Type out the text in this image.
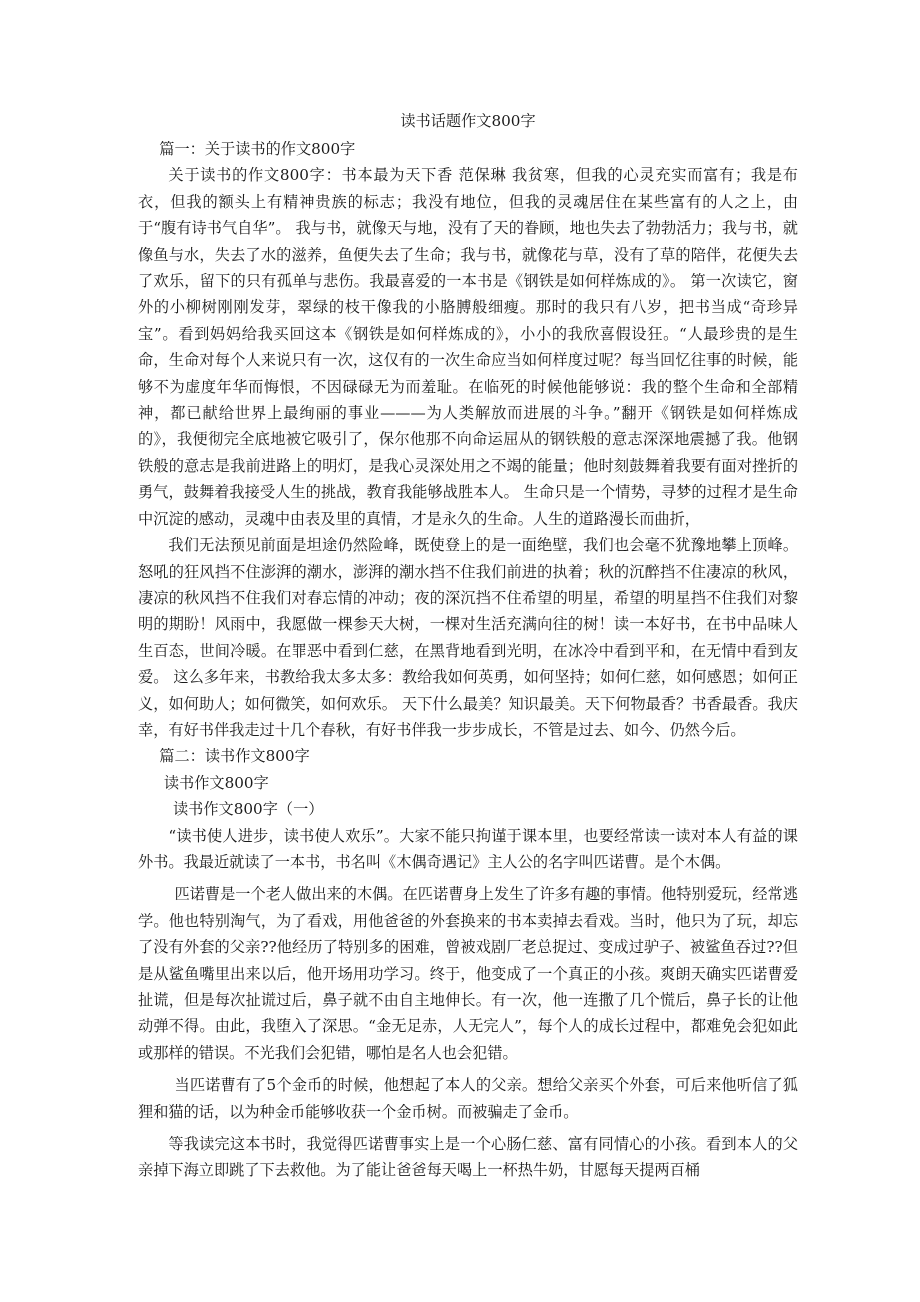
读书话题作文800字

篇一：关于读书的作文800字

关于读书的作文800字：书本最为天下香 范保琳 我贫寒，但我的心灵充实而富有；我是布衣，但我的额头上有精神贵族的标志；我没有地位，但我的灵魂居住在某些富有的人之上，由于“腹有诗书气自华”。 我与书，就像天与地，没有了天的眷顾，地也失去了勃勃活力；我与书，就像鱼与水，失去了水的滋养，鱼便失去了生命；我与书，就像花与草，没有了草的陪伴，花便失去了欢乐，留下的只有孤单与悲伤。我最喜爱的一本书是《钢铁是如何样炼成的》。 第一次读它，窗外的小柳树刚刚发芽，翠绿的枝干像我的小胳膊般细瘦。那时的我只有八岁，把书当成“奇珍异宝”。看到妈妈给我买回这本《钢铁是如何样炼成的》，小小的我欣喜假设狂。“人最珍贵的是生命，生命对每个人来说只有一次，这仅有的一次生命应当如何样度过呢？每当回忆往事的时候，能够不为虚度年华而悔恨，不因碌碌无为而羞耻。在临死的时候他能够说：我的整个生命和全部精神，都已献给世界上最绚丽的事业———为人类解放而进展的斗争。”翻开《钢铁是如何样炼成的》，我便彻完全底地被它吸引了，保尔他那不向命运屈从的钢铁般的意志深深地震撼了我。他钢铁般的意志是我前进路上的明灯，是我心灵深处用之不竭的能量；他时刻鼓舞着我要有面对挫折的勇气，鼓舞着我接受人生的挑战，教育我能够战胜本人。 生命只是一个情势，寻梦的过程才是生命中沉淀的感动，灵魂中由表及里的真情，才是永久的生命。人生的道路漫长而曲折，

我们无法预见前面是坦途仍然险峰，既使登上的是一面绝壁，我们也会毫不犹豫地攀上顶峰。 怒吼的狂风挡不住澎湃的潮水，澎湃的潮水挡不住我们前进的执着；秋的沉醉挡不住凄凉的秋风，凄凉的秋风挡不住我们对春忘情的冲动；夜的深沉挡不住希望的明星，希望的明星挡不住我们对黎明的期盼！风雨中，我愿做一棵参天大树，一棵对生活充满向往的树！读一本好书，在书中品味人生百态，世间冷暖。在罪恶中看到仁慈，在黑背地看到光明，在冰冷中看到平和，在无情中看到友爱。 这么多年来，书教给我太多太多：教给我如何英勇，如何坚持；如何仁慈，如何感恩；如何正义，如何助人；如何微笑，如何欢乐。 天下什么最美？知识最美。天下何物最香？书香最香。我庆幸，有好书伴我走过十几个春秋，有好书伴我一步步成长，不管是过去、如今、仍然今后。

篇二：读书作文800字

读书作文800字

读书作文800字（一）

“读书使人进步，读书使人欢乐”。大家不能只拘谨于课本里，也要经常读一读对本人有益的课外书。我最近就读了一本书，书名叫《木偶奇遇记》主人公的名字叫匹诺曹。是个木偶。

匹诺曹是一个老人做出来的木偶。在匹诺曹身上发生了许多有趣的事情。他特别爱玩，经常逃学。他也特别淘气，为了看戏，用他爸爸的外套换来的书本卖掉去看戏。当时，他只为了玩，却忘了没有外套的父亲??他经历了特别多的困难，曾被戏剧厂老总捉过、变成过驴子、被鲨鱼吞过??但是从鲨鱼嘴里出来以后，他开场用功学习。终于，他变成了一个真正的小孩。爽朗天确实匹诺曹爱扯谎，但是每次扯谎过后，鼻子就不由自主地伸长。有一次，他一连撒了几个慌后，鼻子长的让他动弹不得。由此，我堕入了深思。“金无足赤，人无完人”，每个人的成长过程中，都难免会犯如此或那样的错误。不光我们会犯错，哪怕是名人也会犯错。

当匹诺曹有了5个金币的时候，他想起了本人的父亲。想给父亲买个外套，可后来他听信了狐狸和猫的话，以为种金币能够收获一个金币树。而被骗走了金币。

等我读完这本书时，我觉得匹诺曹事实上是一个心肠仁慈、富有同情心的小孩。看到本人的父亲掉下海立即跳了下去救他。为了能让爸爸每天喝上一杯热牛奶，甘愿每天提两百桶
